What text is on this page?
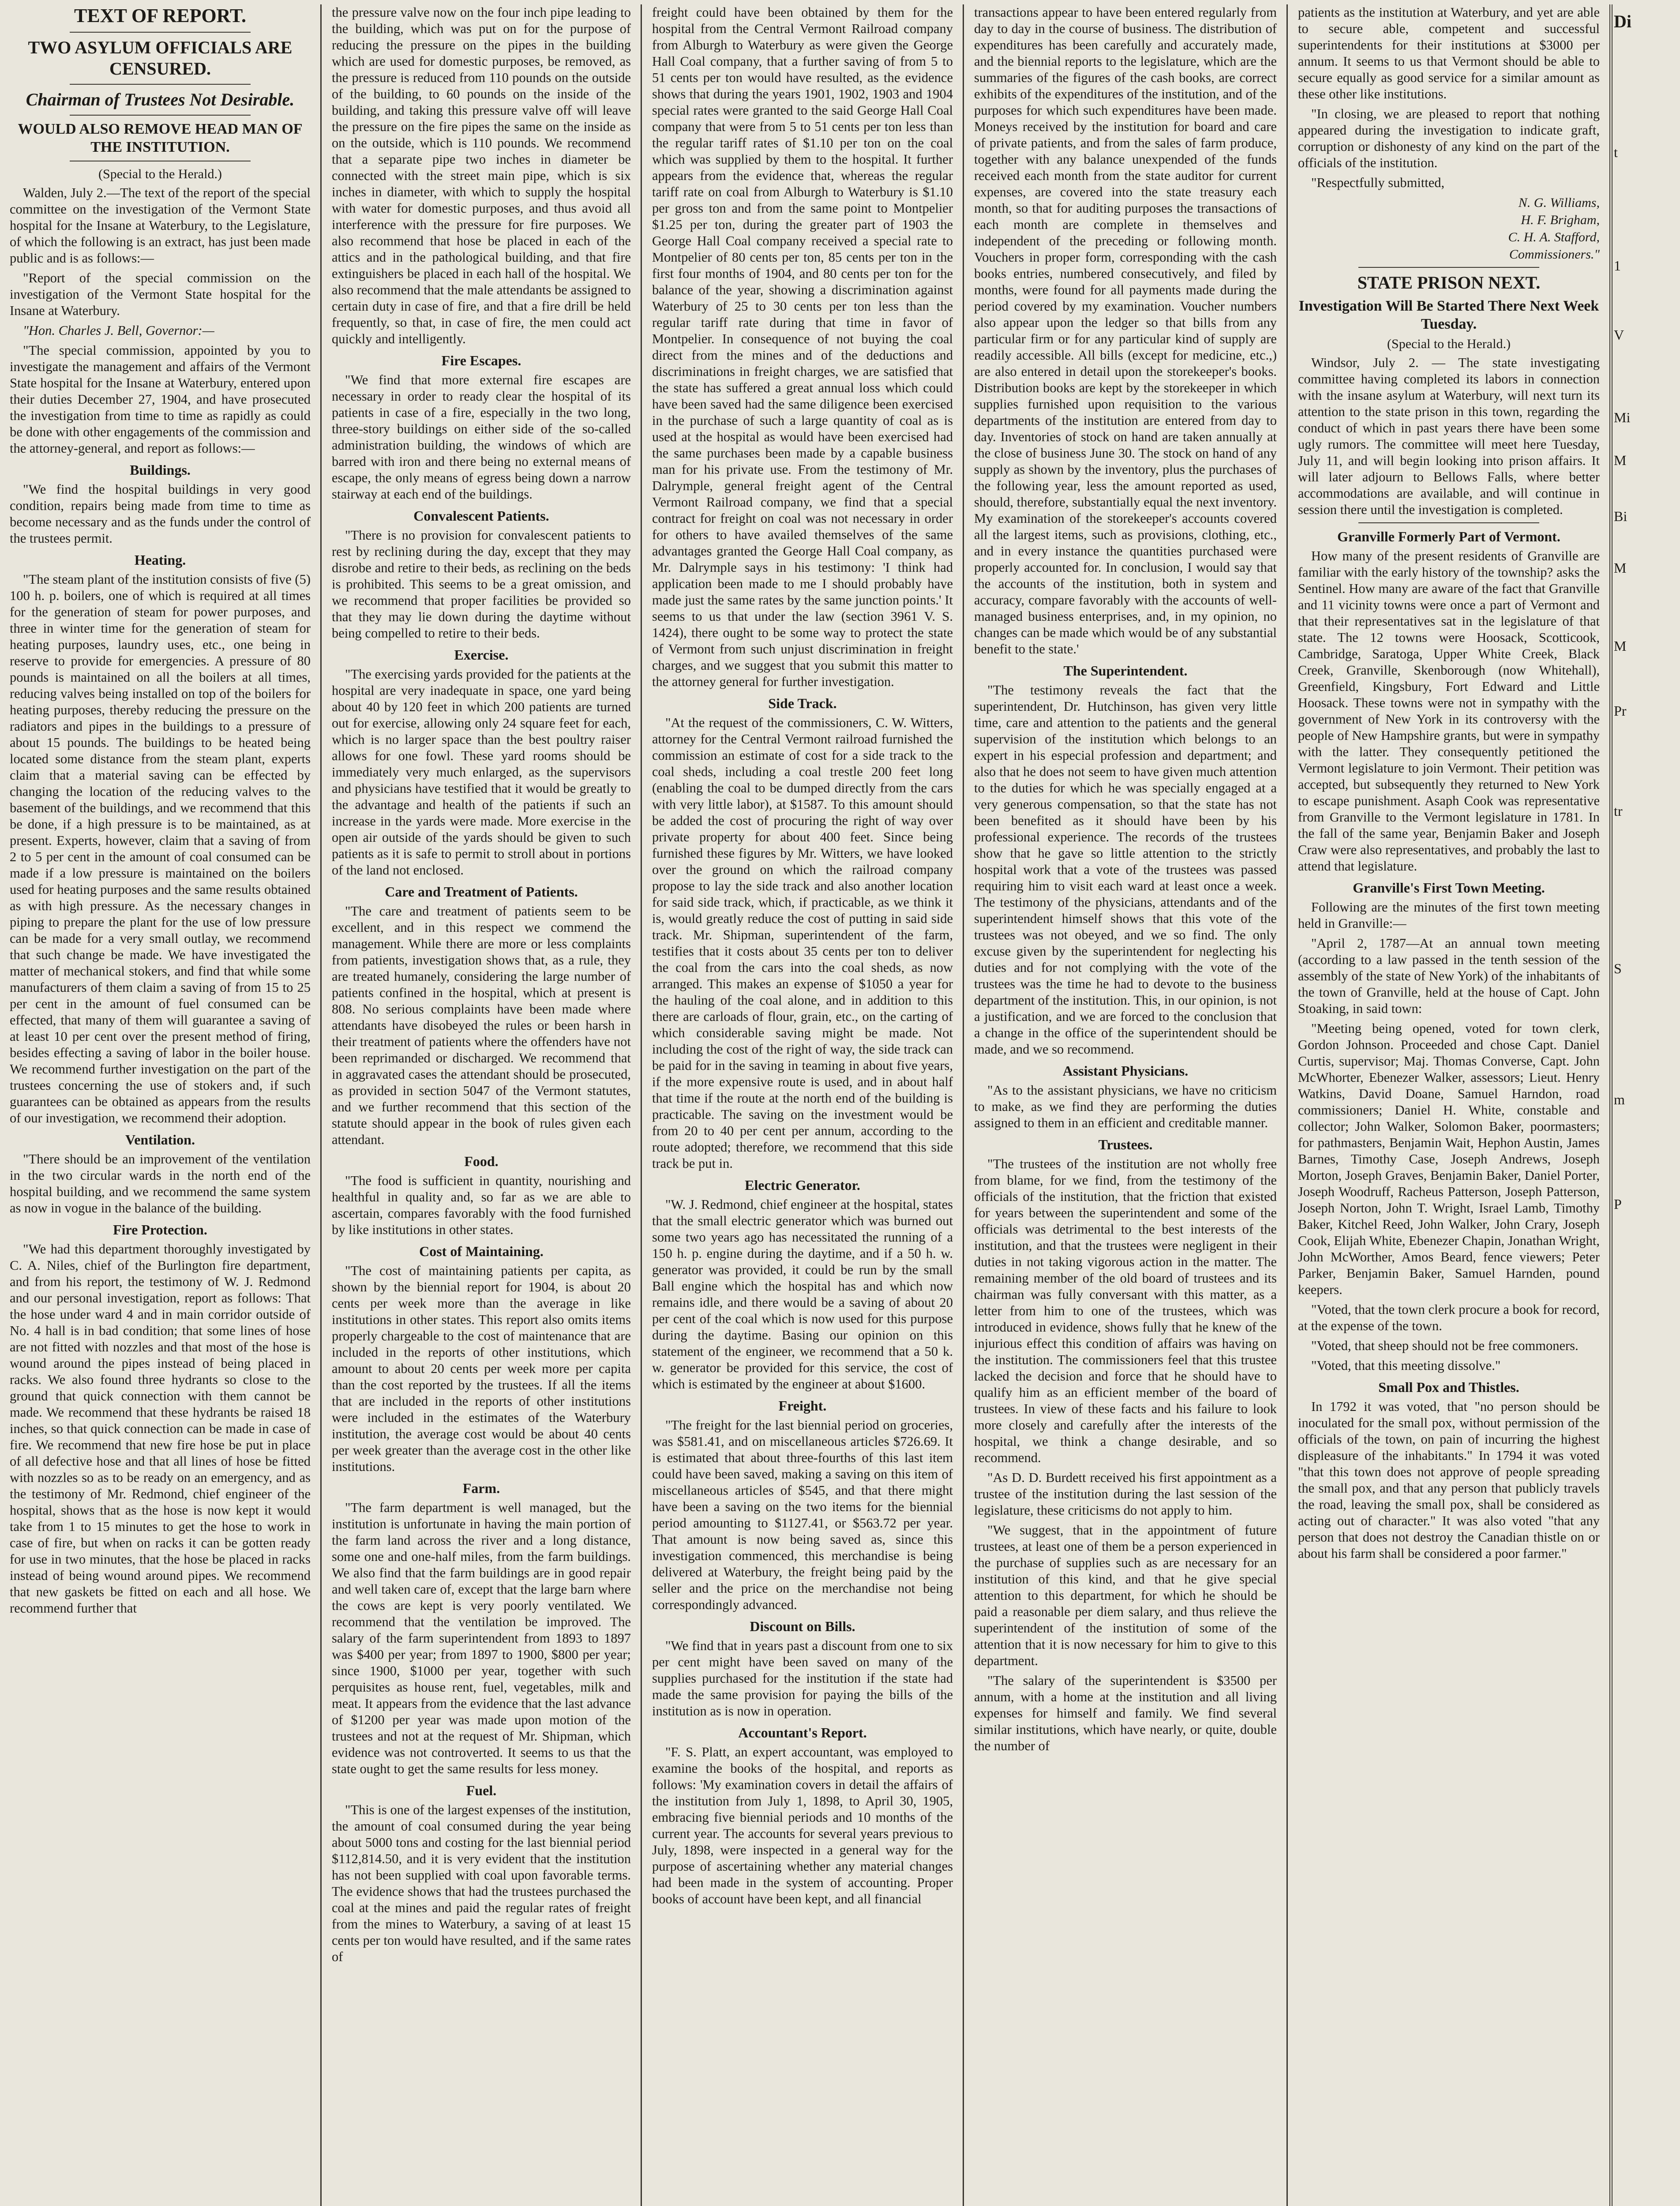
TEXT OF REPORT.
TWO ASYLUM OFFICIALS ARE CENSURED.
Chairman of Trustees Not Desirable.
WOULD ALSO REMOVE HEAD MAN OF THE INSTITUTION.
(Special to the Herald.)

Walden, July 2.—The text of the report of the special committee on the investigation of the Vermont State hospital for the Insane at Waterbury, to the Legislature, of which the following is an extract, has just been made public and is as follows:—

"Report of the special commission on the investigation of the Vermont State hospital for the Insane at Waterbury.

"Hon. Charles J. Bell, Governor:—

"The special commission, appointed by you to investigate the management and affairs of the Vermont State hospital for the Insane at Waterbury, entered upon their duties December 27, 1904, and have prosecuted the investigation from time to time as rapidly as could be done with other engagements of the commission and the attorney-general, and report as follows:—

Buildings.

"We find the hospital buildings in very good condition, repairs being made from time to time as become necessary and as the funds under the control of the trustees permit.

Heating.

"The steam plant of the institution consists of five (5) 100 h. p. boilers, one of which is required at all times for the generation of steam for power purposes, and three in winter time for the generation of steam for heating purposes, laundry uses, etc., one being in reserve to provide for emergencies. A pressure of 80 pounds is maintained on all the boilers at all times, reducing valves being installed on top of the boilers for heating purposes, thereby reducing the pressure on the radiators and pipes in the buildings to a pressure of about 15 pounds. The buildings to be heated being located some distance from the steam plant, experts claim that a material saving can be effected by changing the location of the reducing valves to the basement of the buildings, and we recommend that this be done, if a high pressure is to be maintained, as at present. Experts, however, claim that a saving of from 2 to 5 per cent in the amount of coal consumed can be made if a low pressure is maintained on the boilers used for heating purposes and the same results obtained as with high pressure. As the necessary changes in piping to prepare the plant for the use of low pressure can be made for a very small outlay, we recommend that such change be made. We have investigated the matter of mechanical stokers, and find that while some manufacturers of them claim a saving of from 15 to 25 per cent in the amount of fuel consumed can be effected, that many of them will guarantee a saving of at least 10 per cent over the present method of firing, besides effecting a saving of labor in the boiler house. We recommend further investigation on the part of the trustees concerning the use of stokers and, if such guarantees can be obtained as appears from the results of our investigation, we recommend their adoption.

Ventilation.

"There should be an improvement of the ventilation in the two circular wards in the north end of the hospital building, and we recommend the same system as now in vogue in the balance of the building.

Fire Protection.

"We had this department thoroughly investigated by C. A. Niles, chief of the Burlington fire department, and from his report, the testimony of W. J. Redmond and our personal investigation, report as follows: That the hose under ward 4 and in main corridor outside of No. 4 hall is in bad condition; that some lines of hose are not fitted with nozzles and that most of the hose is wound around the pipes instead of being placed in racks. We also found three hydrants so close to the ground that quick connection with them cannot be made. We recommend that these hydrants be raised 18 inches, so that quick connection can be made in case of fire. We recommend that new fire hose be put in place of all defective hose and that all lines of hose be fitted with nozzles so as to be ready on an emergency, and as the testimony of Mr. Redmond, chief engineer of the hospital, shows that as the hose is now kept it would take from 1 to 15 minutes to get the hose to work in case of fire, but when on racks it can be gotten ready for use in two minutes, that the hose be placed in racks instead of being wound around pipes. We recommend that new gaskets be fitted on each and all hose. We recommend further that

the pressure valve now on the four inch pipe leading to the building, which was put on for the purpose of reducing the pressure on the pipes in the building which are used for domestic purposes, be removed, as the pressure is reduced from 110 pounds on the outside of the building, to 60 pounds on the inside of the building, and taking this pressure valve off will leave the pressure on the fire pipes the same on the inside as on the outside, which is 110 pounds. We recommend that a separate pipe two inches in diameter be connected with the street main pipe, which is six inches in diameter, with which to supply the hospital with water for domestic purposes, and thus avoid all interference with the pressure for fire purposes. We also recommend that hose be placed in each of the attics and in the pathological building, and that fire extinguishers be placed in each hall of the hospital. We also recommend that the male attendants be assigned to certain duty in case of fire, and that a fire drill be held frequently, so that, in case of fire, the men could act quickly and intelligently.

Fire Escapes.

"We find that more external fire escapes are necessary in order to ready clear the hospital of its patients in case of a fire, especially in the two long, three-story buildings on either side of the so-called administration building, the windows of which are barred with iron and there being no external means of escape, the only means of egress being down a narrow stairway at each end of the buildings.

Convalescent Patients.

"There is no provision for convalescent patients to rest by reclining during the day, except that they may disrobe and retire to their beds, as reclining on the beds is prohibited. This seems to be a great omission, and we recommend that proper facilities be provided so that they may lie down during the daytime without being compelled to retire to their beds.

Exercise.

"The exercising yards provided for the patients at the hospital are very inadequate in space, one yard being about 40 by 120 feet in which 200 patients are turned out for exercise, allowing only 24 square feet for each, which is no larger space than the best poultry raiser allows for one fowl. These yard rooms should be immediately very much enlarged, as the supervisors and physicians have testified that it would be greatly to the advantage and health of the patients if such an increase in the yards were made. More exercise in the open air outside of the yards should be given to such patients as it is safe to permit to stroll about in portions of the land not enclosed.

Care and Treatment of Patients.

"The care and treatment of patients seem to be excellent, and in this respect we commend the management. While there are more or less complaints from patients, investigation shows that, as a rule, they are treated humanely, considering the large number of patients confined in the hospital, which at present is 808. No serious complaints have been made where attendants have disobeyed the rules or been harsh in their treatment of patients where the offenders have not been reprimanded or discharged. We recommend that in aggravated cases the attendant should be prosecuted, as provided in section 5047 of the Vermont statutes, and we further recommend that this section of the statute should appear in the book of rules given each attendant.

Food.

"The food is sufficient in quantity, nourishing and healthful in quality and, so far as we are able to ascertain, compares favorably with the food furnished by like institutions in other states.

Cost of Maintaining.

"The cost of maintaining patients per capita, as shown by the biennial report for 1904, is about 20 cents per week more than the average in like institutions in other states. This report also omits items properly chargeable to the cost of maintenance that are included in the reports of other institutions, which amount to about 20 cents per week more per capita than the cost reported by the trustees. If all the items that are included in the reports of other institutions were included in the estimates of the Waterbury institution, the average cost would be about 40 cents per week greater than the average cost in the other like institutions.

Farm.

"The farm department is well managed, but the institution is unfortunate in having the main portion of the farm land across the river and a long distance, some one and one-half miles, from the farm buildings. We also find that the farm buildings are in good repair and well taken care of, except that the large barn where the cows are kept is very poorly ventilated. We recommend that the ventilation be improved. The salary of the farm superintendent from 1893 to 1897 was $400 per year; from 1897 to 1900, $800 per year; since 1900, $1000 per year, together with such perquisites as house rent, fuel, vegetables, milk and meat. It appears from the evidence that the last advance of $1200 per year was made upon motion of the trustees and not at the request of Mr. Shipman, which evidence was not controverted. It seems to us that the state ought to get the same results for less money.

Fuel.

"This is one of the largest expenses of the institution, the amount of coal consumed during the year being about 5000 tons and costing for the last biennial period $112,814.50, and it is very evident that the institution has not been supplied with coal upon favorable terms. The evidence shows that had the trustees purchased the coal at the mines and paid the regular rates of freight from the mines to Waterbury, a saving of at least 15 cents per ton would have resulted, and if the same rates of

freight could have been obtained by them for the hospital from the Central Vermont Railroad company from Alburgh to Waterbury as were given the George Hall Coal company, that a further saving of from 5 to 51 cents per ton would have resulted, as the evidence shows that during the years 1901, 1902, 1903 and 1904 special rates were granted to the said George Hall Coal company that were from 5 to 51 cents per ton less than the regular tariff rates of $1.10 per ton on the coal which was supplied by them to the hospital. It further appears from the evidence that, whereas the regular tariff rate on coal from Alburgh to Waterbury is $1.10 per gross ton and from the same point to Montpelier $1.25 per ton, during the greater part of 1903 the George Hall Coal company received a special rate to Montpelier of 80 cents per ton, 85 cents per ton in the first four months of 1904, and 80 cents per ton for the balance of the year, showing a discrimination against Waterbury of 25 to 30 cents per ton less than the regular tariff rate during that time in favor of Montpelier. In consequence of not buying the coal direct from the mines and of the deductions and discriminations in freight charges, we are satisfied that the state has suffered a great annual loss which could have been saved had the same diligence been exercised in the purchase of such a large quantity of coal as is used at the hospital as would have been exercised had the same purchases been made by a capable business man for his private use. From the testimony of Mr. Dalrymple, general freight agent of the Central Vermont Railroad company, we find that a special contract for freight on coal was not necessary in order for others to have availed themselves of the same advantages granted the George Hall Coal company, as Mr. Dalrymple says in his testimony: 'I think had application been made to me I should probably have made just the same rates by the same junction points.' It seems to us that under the law (section 3961 V. S. 1424), there ought to be some way to protect the state of Vermont from such unjust discrimination in freight charges, and we suggest that you submit this matter to the attorney general for further investigation.

Side Track.

"At the request of the commissioners, C. W. Witters, attorney for the Central Vermont railroad furnished the commission an estimate of cost for a side track to the coal sheds, including a coal trestle 200 feet long (enabling the coal to be dumped directly from the cars with very little labor), at $1587. To this amount should be added the cost of procuring the right of way over private property for about 400 feet. Since being furnished these figures by Mr. Witters, we have looked over the ground on which the railroad company propose to lay the side track and also another location for said side track, which, if practicable, as we think it is, would greatly reduce the cost of putting in said side track. Mr. Shipman, superintendent of the farm, testifies that it costs about 35 cents per ton to deliver the coal from the cars into the coal sheds, as now arranged. This makes an expense of $1050 a year for the hauling of the coal alone, and in addition to this there are carloads of flour, grain, etc., on the carting of which considerable saving might be made. Not including the cost of the right of way, the side track can be paid for in the saving in teaming in about five years, if the more expensive route is used, and in about half that time if the route at the north end of the building is practicable. The saving on the investment would be from 20 to 40 per cent per annum, according to the route adopted; therefore, we recommend that this side track be put in.

Electric Generator.

"W. J. Redmond, chief engineer at the hospital, states that the small electric generator which was burned out some two years ago has necessitated the running of a 150 h. p. engine during the daytime, and if a 50 h. w. generator was provided, it could be run by the small Ball engine which the hospital has and which now remains idle, and there would be a saving of about 20 per cent of the coal which is now used for this purpose during the daytime. Basing our opinion on this statement of the engineer, we recommend that a 50 k. w. generator be provided for this service, the cost of which is estimated by the engineer at about $1600.

Freight.

"The freight for the last biennial period on groceries, was $581.41, and on miscellaneous articles $726.69. It is estimated that about three-fourths of this last item could have been saved, making a saving on this item of miscellaneous articles of $545, and that there might have been a saving on the two items for the biennial period amounting to $1127.41, or $563.72 per year. That amount is now being saved as, since this investigation commenced, this merchandise is being delivered at Waterbury, the freight being paid by the seller and the price on the merchandise not being correspondingly advanced.

Discount on Bills.

"We find that in years past a discount from one to six per cent might have been saved on many of the supplies purchased for the institution if the state had made the same provision for paying the bills of the institution as is now in operation.

Accountant's Report.

"F. S. Platt, an expert accountant, was employed to examine the books of the hospital, and reports as follows: 'My examination covers in detail the affairs of the institution from July 1, 1898, to April 30, 1905, embracing five biennial periods and 10 months of the current year. The accounts for several years previous to July, 1898, were inspected in a general way for the purpose of ascertaining whether any material changes had been made in the system of accounting. Proper books of account have been kept, and all financial

transactions appear to have been entered regularly from day to day in the course of business. The distribution of expenditures has been carefully and accurately made, and the biennial reports to the legislature, which are the summaries of the figures of the cash books, are correct exhibits of the expenditures of the institution, and of the purposes for which such expenditures have been made. Moneys received by the institution for board and care of private patients, and from the sales of farm produce, together with any balance unexpended of the funds received each month from the state auditor for current expenses, are covered into the state treasury each month, so that for auditing purposes the transactions of each month are complete in themselves and independent of the preceding or following month. Vouchers in proper form, corresponding with the cash books entries, numbered consecutively, and filed by months, were found for all payments made during the period covered by my examination. Voucher numbers also appear upon the ledger so that bills from any particular firm or for any particular kind of supply are readily accessible. All bills (except for medicine, etc.,) are also entered in detail upon the storekeeper's books. Distribution books are kept by the storekeeper in which supplies furnished upon requisition to the various departments of the institution are entered from day to day. Inventories of stock on hand are taken annually at the close of business June 30. The stock on hand of any supply as shown by the inventory, plus the purchases of the following year, less the amount reported as used, should, therefore, substantially equal the next inventory. My examination of the storekeeper's accounts covered all the largest items, such as provisions, clothing, etc., and in every instance the quantities purchased were properly accounted for. In conclusion, I would say that the accounts of the institution, both in system and accuracy, compare favorably with the accounts of well-managed business enterprises, and, in my opinion, no changes can be made which would be of any substantial benefit to the state.'

The Superintendent.

"The testimony reveals the fact that the superintendent, Dr. Hutchinson, has given very little time, care and attention to the patients and the general supervision of the institution which belongs to an expert in his especial profession and department; and also that he does not seem to have given much attention to the duties for which he was specially engaged at a very generous compensation, so that the state has not been benefited as it should have been by his professional experience. The records of the trustees show that he gave so little attention to the strictly hospital work that a vote of the trustees was passed requiring him to visit each ward at least once a week. The testimony of the physicians, attendants and of the superintendent himself shows that this vote of the trustees was not obeyed, and we so find. The only excuse given by the superintendent for neglecting his duties and for not complying with the vote of the trustees was the time he had to devote to the business department of the institution. This, in our opinion, is not a justification, and we are forced to the conclusion that a change in the office of the superintendent should be made, and we so recommend.

Assistant Physicians.

"As to the assistant physicians, we have no criticism to make, as we find they are performing the duties assigned to them in an efficient and creditable manner.

Trustees.

"The trustees of the institution are not wholly free from blame, for we find, from the testimony of the officials of the institution, that the friction that existed for years between the superintendent and some of the officials was detrimental to the best interests of the institution, and that the trustees were negligent in their duties in not taking vigorous action in the matter. The remaining member of the old board of trustees and its chairman was fully conversant with this matter, as a letter from him to one of the trustees, which was introduced in evidence, shows fully that he knew of the injurious effect this condition of affairs was having on the institution. The commissioners feel that this trustee lacked the decision and force that he should have to qualify him as an efficient member of the board of trustees. In view of these facts and his failure to look more closely and carefully after the interests of the hospital, we think a change desirable, and so recommend.

"As D. D. Burdett received his first appointment as a trustee of the institution during the last session of the legislature, these criticisms do not apply to him.

"We suggest, that in the appointment of future trustees, at least one of them be a person experienced in the purchase of supplies such as are necessary for an institution of this kind, and that he give special attention to this department, for which he should be paid a reasonable per diem salary, and thus relieve the superintendent of the institution of some of the attention that it is now necessary for him to give to this department.

"The salary of the superintendent is $3500 per annum, with a home at the institution and all living expenses for himself and family. We find several similar institutions, which have nearly, or quite, double the number of

patients as the institution at Waterbury, and yet are able to secure able, competent and successful superintendents for their institutions at $3000 per annum. It seems to us that Vermont should be able to secure equally as good service for a similar amount as these other like institutions.

"In closing, we are pleased to report that nothing appeared during the investigation to indicate graft, corruption or dishonesty of any kind on the part of the officials of the institution.

"Respectfully submitted,

N. G. Williams,
H. F. Brigham,
C. H. A. Stafford,
Commissioners."
STATE PRISON NEXT.
Investigation Will Be Started There Next Week Tuesday.
(Special to the Herald.)

Windsor, July 2. — The state investigating committee having completed its labors in connection with the insane asylum at Waterbury, will next turn its attention to the state prison in this town, regarding the conduct of which in past years there have been some ugly rumors. The committee will meet here Tuesday, July 11, and will begin looking into prison affairs. It will later adjourn to Bellows Falls, where better accommodations are available, and will continue in session there until the investigation is completed.

Granville Formerly Part of Vermont.

How many of the present residents of Granville are familiar with the early history of the township? asks the Sentinel. How many are aware of the fact that Granville and 11 vicinity towns were once a part of Vermont and that their representatives sat in the legislature of that state. The 12 towns were Hoosack, Scotticook, Cambridge, Saratoga, Upper White Creek, Black Creek, Granville, Skenborough (now Whitehall), Greenfield, Kingsbury, Fort Edward and Little Hoosack. These towns were not in sympathy with the government of New York in its controversy with the people of New Hampshire grants, but were in sympathy with the latter. They consequently petitioned the Vermont legislature to join Vermont. Their petition was accepted, but subsequently they returned to New York to escape punishment. Asaph Cook was representative from Granville to the Vermont legislature in 1781. In the fall of the same year, Benjamin Baker and Joseph Craw were also representatives, and probably the last to attend that legislature.

Granville's First Town Meeting.

Following are the minutes of the first town meeting held in Granville:—

"April 2, 1787—At an annual town meeting (according to a law passed in the tenth session of the assembly of the state of New York) of the inhabitants of the town of Granville, held at the house of Capt. John Stoaking, in said town:

"Meeting being opened, voted for town clerk, Gordon Johnson. Proceeded and chose Capt. Daniel Curtis, supervisor; Maj. Thomas Converse, Capt. John McWhorter, Ebenezer Walker, assessors; Lieut. Henry Watkins, David Doane, Samuel Harndon, road commissioners; Daniel H. White, constable and collector; John Walker, Solomon Baker, poormasters; for pathmasters, Benjamin Wait, Hephon Austin, James Barnes, Timothy Case, Joseph Andrews, Joseph Morton, Joseph Graves, Benjamin Baker, Daniel Porter, Joseph Woodruff, Racheus Patterson, Joseph Patterson, Joseph Norton, John T. Wright, Israel Lamb, Timothy Baker, Kitchel Reed, John Walker, John Crary, Joseph Cook, Elijah White, Ebenezer Chapin, Jonathan Wright, John McWorther, Amos Beard, fence viewers; Peter Parker, Benjamin Baker, Samuel Harnden, pound keepers.

"Voted, that the town clerk procure a book for record, at the expense of the town.

"Voted, that sheep should not be free commoners.

"Voted, that this meeting dissolve."

Small Pox and Thistles.

In 1792 it was voted, that "no person should be inoculated for the small pox, without permission of the officials of the town, on pain of incurring the highest displeasure of the inhabitants." In 1794 it was voted "that this town does not approve of people spreading the small pox, and that any person that publicly travels the road, leaving the small pox, shall be considered as acting out of character." It was also voted "that any person that does not destroy the Canadian thistle on or about his farm shall be considered a poor farmer."

Di
t
1
V
Mi
M
Bi
M
M
Pr
tr
S
m
P
